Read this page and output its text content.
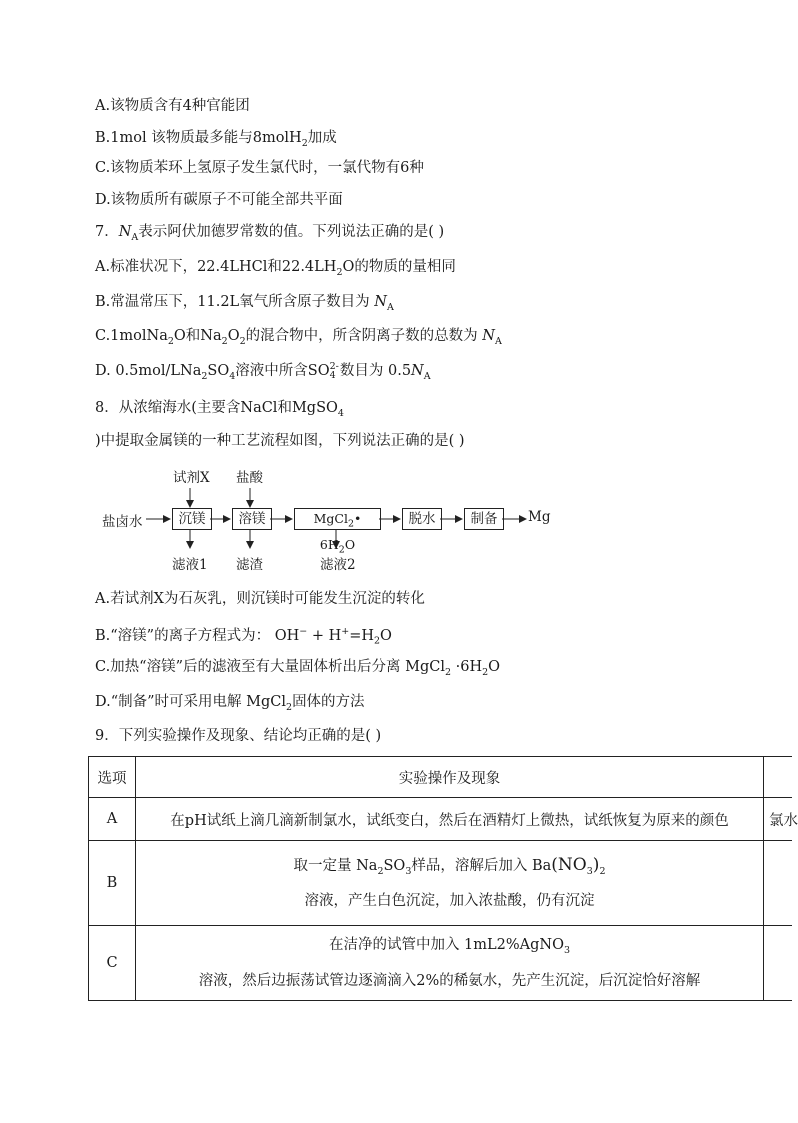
A.该物质含有4种官能团
B.1mol 该物质最多能与8molH$_2$加成
C.该物质苯环上氢原子发生氯代时，一氯代物有6种
D.该物质所有碳原子不可能全部共平面
7．$N_A$表示阿伏加德罗常数的值。下列说法正确的是( )
A.标准状况下，22.4LHCl和$22.4LH_2O$的物质的量相同
B.常温常压下，11.2L氧气所含原子数目为 $N_A$
C.1molNa$_2$O和$Na_2O_2$的混合物中，所含阴离子数的总数为 $N_A$
D. $0.5mol/LNa_2SO_4$溶液中所含SO 2-
4 数目为 $0.5N_A$
8．从浓缩海水(主要含NaCl和MgSO$_4$
)中提取金属镁的一种工艺流程如图，下列说法正确的是( )
试剂X 盐酸
盐卤水	沉镁	溶镁	MgCl$_2$• $6H_2O$
脱水	制备	Mg
滤液1 滤渣	滤液2
A.若试剂X为石灰乳，则沉镁时可能发生沉淀的转化
B.“溶镁”的离子方程式为： $OH^- + H^+=H_2O$
C.加热“溶镁”后的滤液至有大量固体析出后分离 MgCl$_2$ $\cdot 6H_2O$
D.“制备”时可采用电解 MgCl$_2$固体的方法
9．下列实验操作及现象、结论均正确的是( )
选项	实验操作及现象	
A	在pH试纸上滴几滴新制氯水，试纸变白，然后在酒精灯上微热，试纸恢复为原来的颜色	氯水

B	取一定量 $Na_2SO_3$样品，溶解后加入 $Ba(NO_3)_2$
溶液，产生白色沉淀，加入浓盐酸，仍有沉淀	

C	在洁净的试管中加入 1mL2%AgNO$_3$
溶液，然后边振荡试管边逐滴滴入2%的稀氨水，先产生沉淀，后沉淀恰好溶解	
